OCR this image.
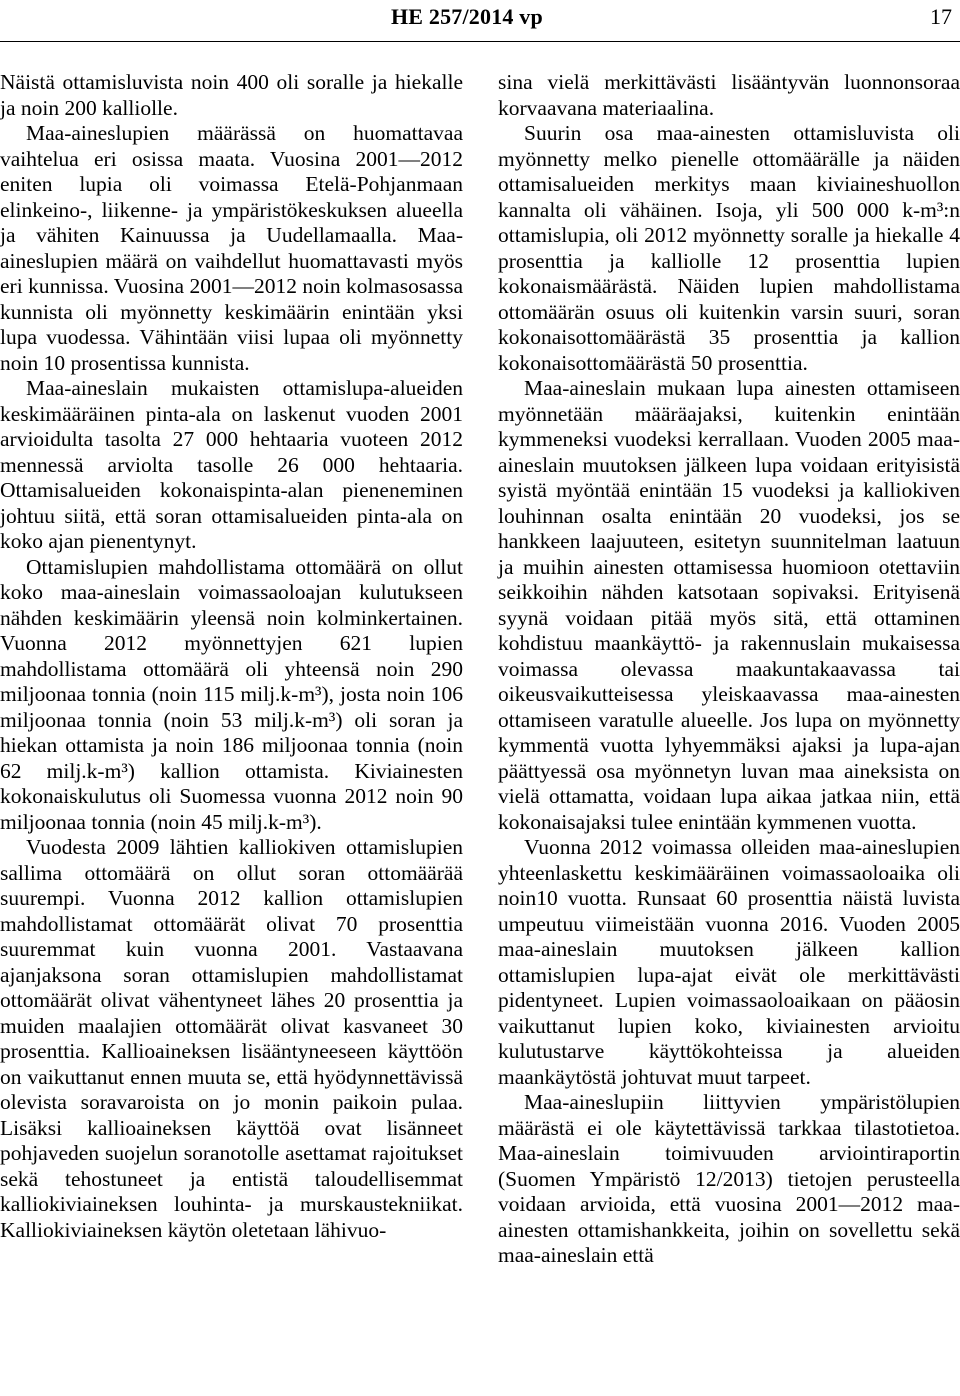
HE 257/2014 vp	17

Näistä ottamisluvista noin 400 oli soralle ja hiekalle ja noin 200 kalliolle.

Maa-aineslupien määrässä on huomattavaa vaihtelua eri osissa maata. Vuosina 2001—2012 eniten lupia oli voimassa Etelä-Pohjanmaan elinkeino-, liikenne- ja ympäristökeskuksen alueella ja vähiten Kainuussa ja Uudellamaalla. Maa-aineslupien määrä on vaihdellut huomattavasti myös eri kunnissa. Vuosina 2001—2012 noin kolmasosassa kunnista oli myönnetty keskimäärin enintään yksi lupa vuodessa. Vähintään viisi lupaa oli myönnetty noin 10 prosentissa kunnista.

Maa-aineslain mukaisten ottamislupa-alueiden keskimääräinen pinta-ala on laskenut vuoden 2001 arvioidulta tasolta 27 000 hehtaaria vuoteen 2012 mennessä arviolta tasolle 26 000 hehtaaria. Ottamisalueiden kokonaispinta-alan pieneneminen johtuu siitä, että soran ottamisalueiden pinta-ala on koko ajan pienentynyt.

Ottamislupien mahdollistama ottomäärä on ollut koko maa-aineslain voimassaoloajan kulutukseen nähden keskimäärin yleensä noin kolminkertainen. Vuonna 2012 myönnettyjen 621 lupien mahdollistama ottomäärä oli yhteensä noin 290 miljoonaa tonnia (noin 115 milj.k-m³), josta noin 106 miljoonaa tonnia (noin 53 milj.k-m³) oli soran ja hiekan ottamista ja noin 186 miljoonaa tonnia (noin 62 milj.k-m³) kallion ottamista. Kiviainesten kokonaiskulutus oli Suomessa vuonna 2012 noin 90 miljoonaa tonnia (noin 45 milj.k-m³).

Vuodesta 2009 lähtien kalliokiven ottamislupien sallima ottomäärä on ollut soran ottomäärää suurempi. Vuonna 2012 kallion ottamislupien mahdollistamat ottomäärät olivat 70 prosenttia suuremmat kuin vuonna 2001. Vastaavana ajanjaksona soran ottamislupien mahdollistamat ottomäärät olivat vähentyneet lähes 20 prosenttia ja muiden maalajien ottomäärät olivat kasvaneet 30 prosenttia. Kallioaineksen lisääntyneeseen käyttöön on vaikuttanut ennen muuta se, että hyödynnettävissä olevista soravaroista on jo monin paikoin pulaa. Lisäksi kallioaineksen käyttöä ovat lisänneet pohjaveden suojelun soranotolle asettamat rajoitukset sekä tehostuneet ja entistä taloudellisemmat kalliokiviaineksen louhinta- ja murskaustekniikat. Kalliokiviaineksen käytön oletetaan lähivuo-

sina vielä merkittävästi lisääntyvän luonnonsoraa korvaavana materiaalina.

Suurin osa maa-ainesten ottamisluvista oli myönnetty melko pienelle ottomäärälle ja näiden ottamisalueiden merkitys maan kiviaineshuollon kannalta oli vähäinen. Isoja, yli 500 000 k-m³:n ottamislupia, oli 2012 myönnetty soralle ja hiekalle 4 prosenttia ja kalliolle 12 prosenttia lupien kokonaismäärästä. Näiden lupien mahdollistama ottomäärän osuus oli kuitenkin varsin suuri, soran kokonaisottomäärästä 35 prosenttia ja kallion kokonaisottomäärästä 50 prosenttia.

Maa-aineslain mukaan lupa ainesten ottamiseen myönnetään määräajaksi, kuitenkin enintään kymmeneksi vuodeksi kerrallaan. Vuoden 2005 maa-aineslain muutoksen jälkeen lupa voidaan erityisistä syistä myöntää enintään 15 vuodeksi ja kalliokiven louhinnan osalta enintään 20 vuodeksi, jos se hankkeen laajuuteen, esitetyn suunnitelman laatuun ja muihin ainesten ottamisessa huomioon otettaviin seikkoihin nähden katsotaan sopivaksi. Erityisenä syynä voidaan pitää myös sitä, että ottaminen kohdistuu maankäyttö- ja rakennuslain mukaisessa voimassa olevassa maakuntakaavassa tai oikeusvaikutteisessa yleiskaavassa maa-ainesten ottamiseen varatulle alueelle. Jos lupa on myönnetty kymmentä vuotta lyhyemmäksi ajaksi ja lupa-ajan päättyessä osa myönnetyn luvan maa aineksista on vielä ottamatta, voidaan lupa aikaa jatkaa niin, että kokonaisajaksi tulee enintään kymmenen vuotta.

Vuonna 2012 voimassa olleiden maa-aineslupien yhteenlaskettu keskimääräinen voimassaoloaika oli noin10 vuotta. Runsaat 60 prosenttia näistä luvista umpeutuu viimeistään vuonna 2016. Vuoden 2005 maa-aineslain muutoksen jälkeen kallion ottamislupien lupa-ajat eivät ole merkittävästi pidentyneet. Lupien voimassaoloaikaan on pääosin vaikuttanut lupien koko, kiviainesten arvioitu kulutustarve käyttökohteissa ja alueiden maankäytöstä johtuvat muut tarpeet.

Maa-aineslupiin liittyvien ympäristölupien määrästä ei ole käytettävissä tarkkaa tilastotietoa. Maa-aineslain toimivuuden arviointiraportin (Suomen Ympäristö 12/2013) tietojen perusteella voidaan arvioida, että vuosina 2001—2012 maa-ainesten ottamishankkeita, joihin on sovellettu sekä maa-aineslain että
